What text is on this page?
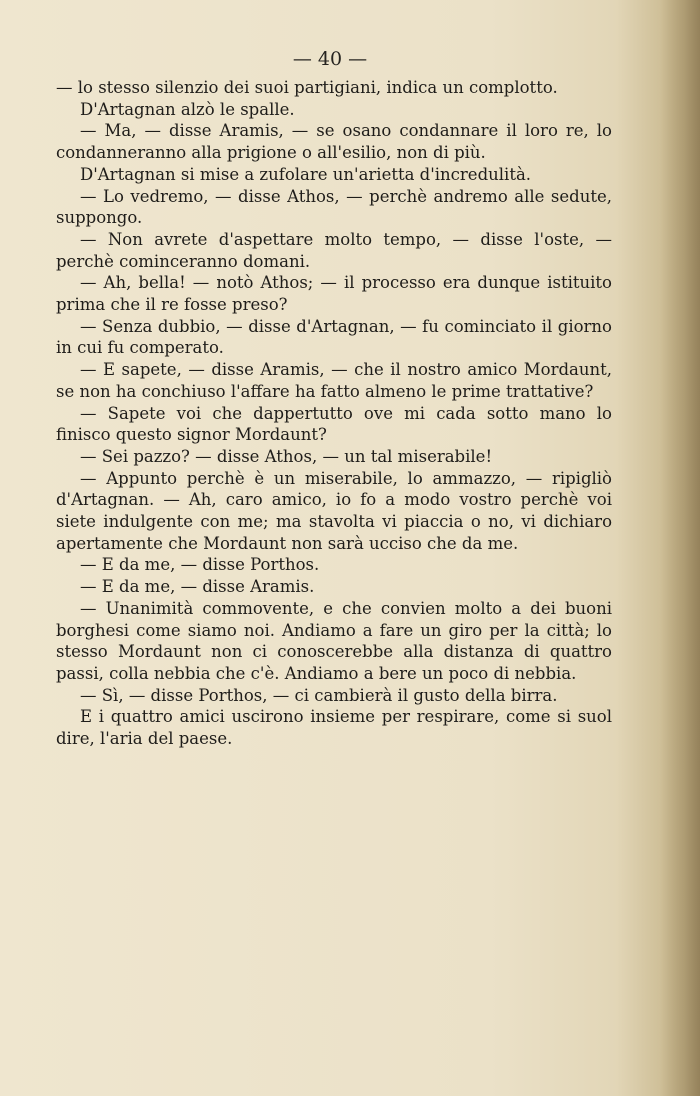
— 40 —

— lo stesso silenzio dei suoi partigiani, indica un complotto.

D'Artagnan alzò le spalle.

— Ma, — disse Aramis, — se osano condannare il loro re, lo condanneranno alla prigione o all'esilio, non di più.

D'Artagnan si mise a zufolare un'arietta d'incredulità.

— Lo vedremo, — disse Athos, — perchè andremo alle sedute, suppongo.

— Non avrete d'aspettare molto tempo, — disse l'oste, — perchè cominceranno domani.

— Ah, bella! — notò Athos; — il processo era dunque istituito prima che il re fosse preso?

— Senza dubbio, — disse d'Artagnan, — fu cominciato il giorno in cui fu comperato.

— E sapete, — disse Aramis, — che il nostro amico Mordaunt, se non ha conchiuso l'affare ha fatto almeno le prime trattative?

— Sapete voi che dappertutto ove mi cada sotto mano lo finisco questo signor Mordaunt?

— Sei pazzo? — disse Athos, — un tal miserabile!

— Appunto perchè è un miserabile, lo ammazzo, — ripigliò d'Artagnan. — Ah, caro amico, io fo a modo vostro perchè voi siete indulgente con me; ma stavolta vi piaccia o no, vi dichiaro apertamente che Mordaunt non sarà ucciso che da me.

— E da me, — disse Porthos.

— E da me, — disse Aramis.

— Unanimità commovente, e che convien molto a dei buoni borghesi come siamo noi. Andiamo a fare un giro per la città; lo stesso Mordaunt non ci conoscerebbe alla distanza di quattro passi, colla nebbia che c'è. Andiamo a bere un poco di nebbia.

— Sì, — disse Porthos, — ci cambierà il gusto della birra.

E i quattro amici uscirono insieme per respirare, come si suol dire, l'aria del paese.
